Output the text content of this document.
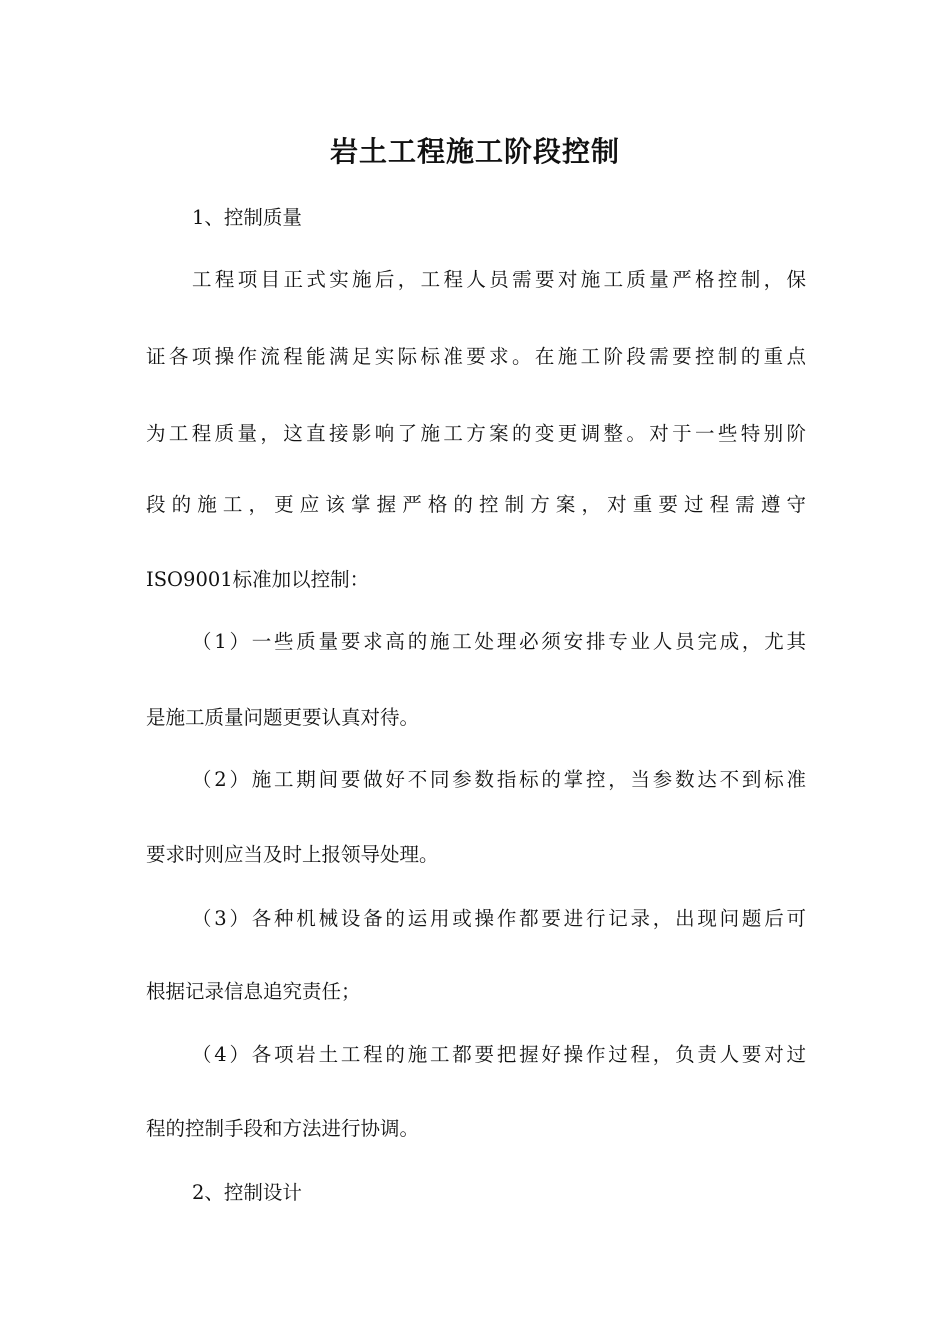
岩土工程施工阶段控制
1、控制质量
工程项目正式实施后，工程人员需要对施工质量严格控制，保
证各项操作流程能满足实际标准要求。在施工阶段需要控制的重点
为工程质量，这直接影响了施工方案的变更调整。对于一些特别阶
段的施工，更应该掌握严格的控制方案，对重要过程需遵守
ISO9001标准加以控制：
（1）一些质量要求高的施工处理必须安排专业人员完成，尤其
是施工质量问题更要认真对待。
（2）施工期间要做好不同参数指标的掌控，当参数达不到标准
要求时则应当及时上报领导处理。
（3）各种机械设备的运用或操作都要进行记录，出现问题后可
根据记录信息追究责任；
（4）各项岩土工程的施工都要把握好操作过程，负责人要对过
程的控制手段和方法进行协调。
2、控制设计
